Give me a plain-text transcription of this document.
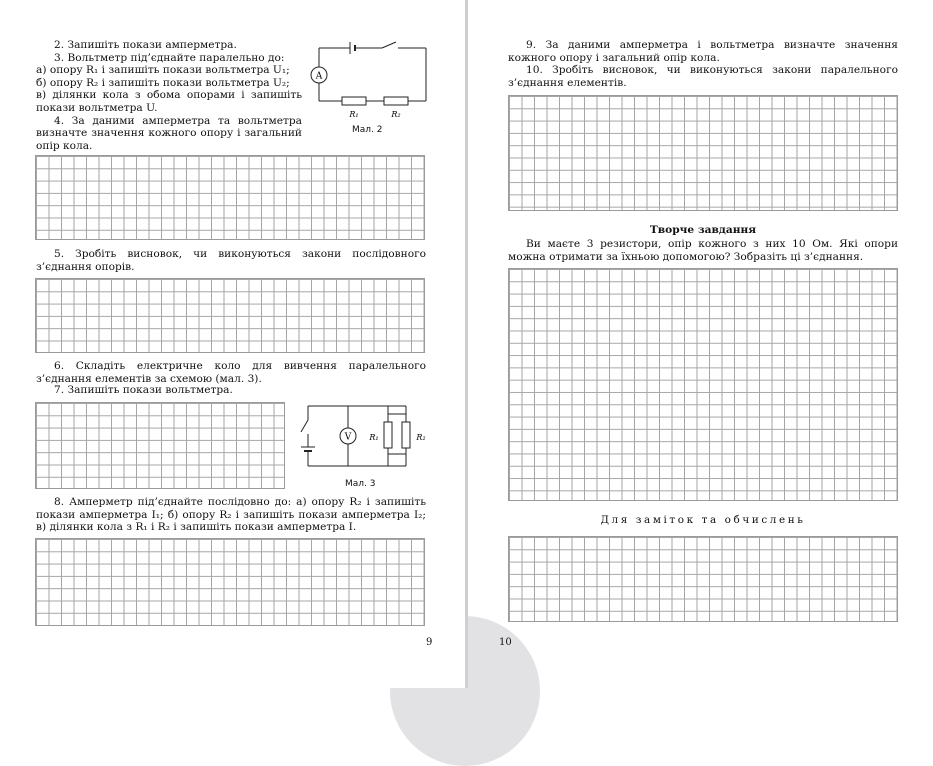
2. Запишіть покази амперметра.

3. Вольтметр під’єднайте паралельно до:

а) опору R₁ і запишіть покази вольтметра U₁;

б) опору R₂ і запишіть покази вольтметра U₂;

в) ділянки кола з обома опорами і запишіть покази вольтметра U.

4. За даними амперметра та вольтметра визначте значення кожного опору і загальний опір кола.

A
R₁	R₂
Мал. 2

5. Зробіть висновок, чи виконуються закони послідовного з’єднання опорів.

6. Складіть електричне коло для вивчення паралельного з’єднання елементів за схемою (мал. 3).

7. Запишіть покази вольтметра.

V R₁	R₂
Мал. 3

8. Амперметр під’єднайте послідовно до: а) опору R₂ і запишіть покази амперметра I₁; б) опору R₂ і запишіть покази амперметра I₂; в) ділянки кола з R₁ і R₂ і запишіть покази амперметра I.

9

9. За даними амперметра і вольтметра визначте значення кожного опору і загальний опір кола.

10. Зробіть висновок, чи виконуються закони паралельного з’єднання елементів.

Творче завдання

Ви маєте 3 резистори, опір кожного з них 10 Ом. Які опори можна отримати за їхньою допомогою? Зобразіть ці з’єднання.

Для заміток та обчислень
10
